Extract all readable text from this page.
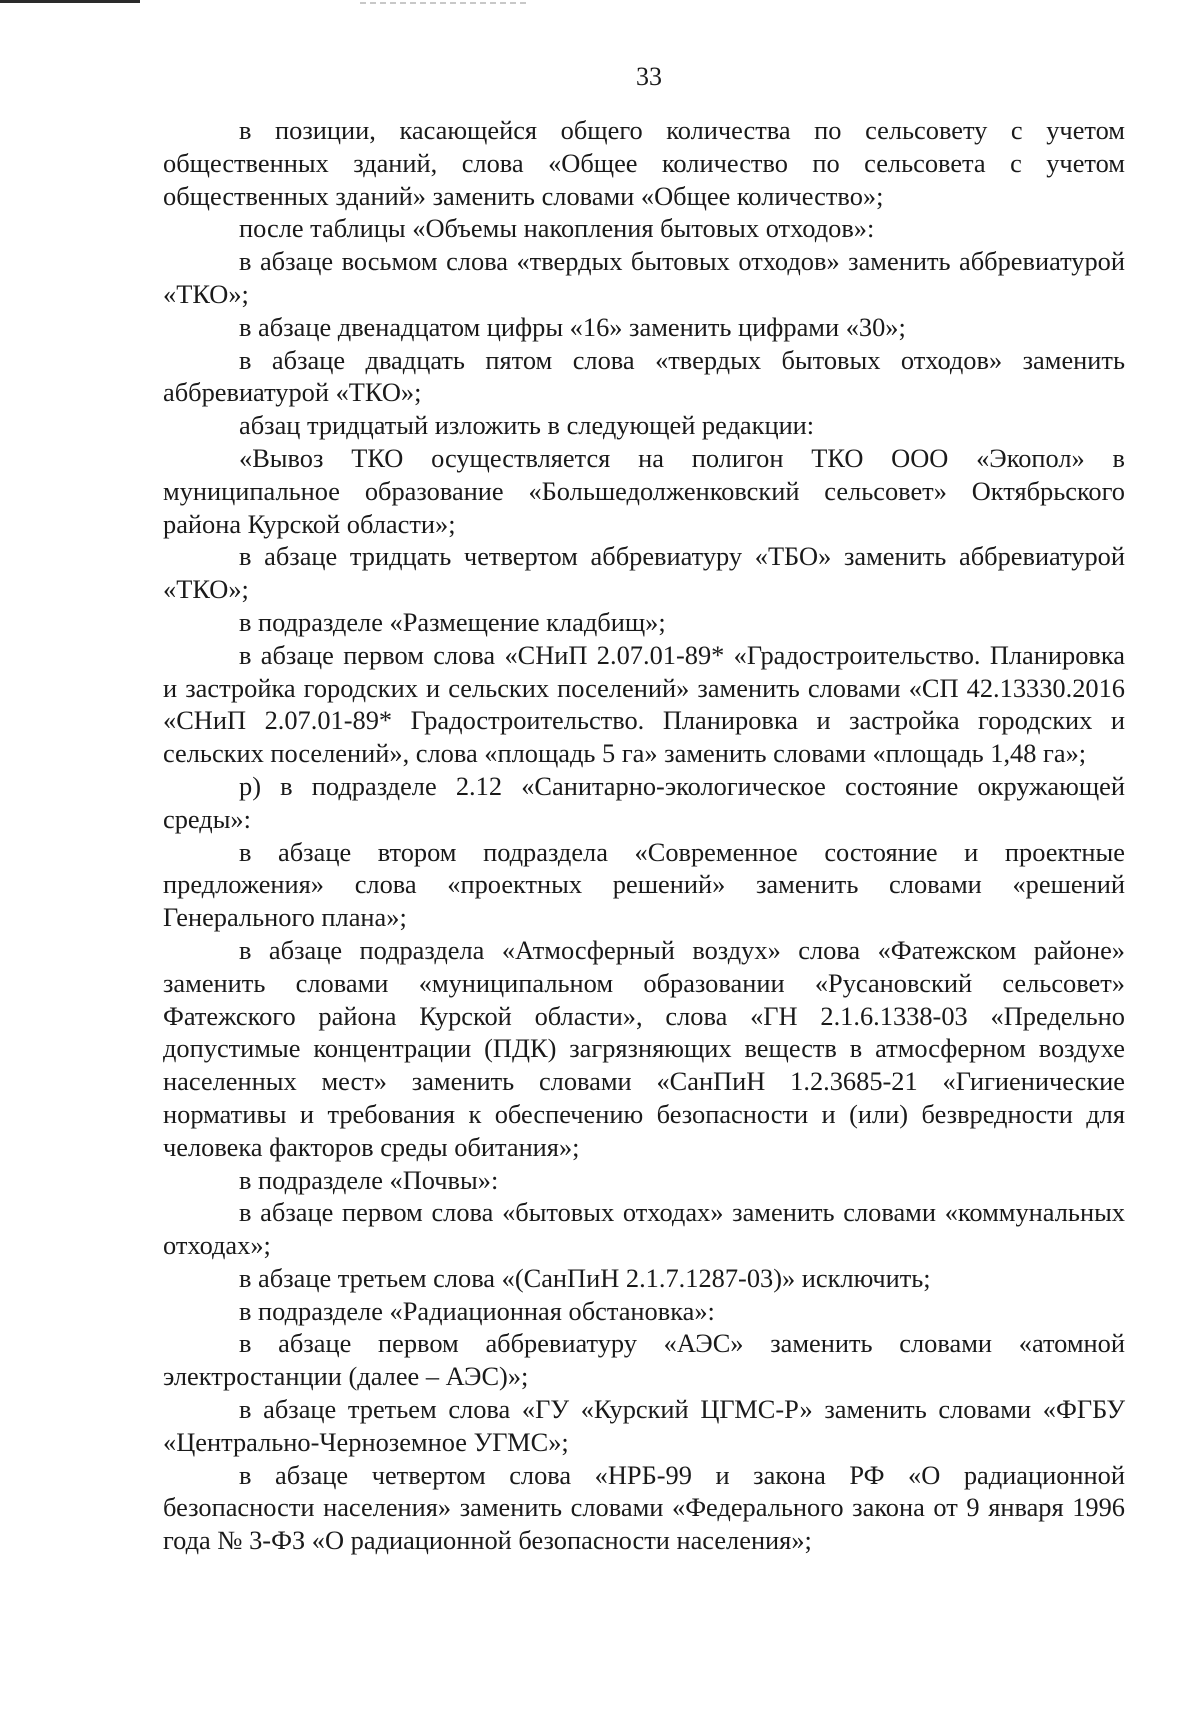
33

в позиции, касающейся общего количества по сельсовету с учетом общественных зданий, слова «Общее количество по сельсовета с учетом общественных зданий» заменить словами «Общее количество»;

после таблицы «Объемы накопления бытовых отходов»:

в абзаце восьмом слова «твердых бытовых отходов» заменить аббревиатурой «ТКО»;

в абзаце двенадцатом цифры «16» заменить цифрами «30»;

в абзаце двадцать пятом слова «твердых бытовых отходов» заменить аббревиатурой «ТКО»;

абзац тридцатый изложить в следующей редакции:

«Вывоз ТКО осуществляется на полигон ТКО ООО «Экопол» в муниципальное образование «Большедолженковский сельсовет» Октябрьского района Курской области»;

в абзаце тридцать четвертом аббревиатуру «ТБО» заменить аббревиатурой «ТКО»;

в подразделе «Размещение кладбищ»;

в абзаце первом слова «СНиП 2.07.01-89* «Градостроительство. Планировка и застройка городских и сельских поселений» заменить словами «СП 42.13330.2016 «СНиП 2.07.01-89* Градостроительство. Планировка и застройка городских и сельских поселений», слова «площадь 5 га» заменить словами «площадь 1,48 га»;

р) в подразделе 2.12 «Санитарно-экологическое состояние окружающей среды»:

в абзаце втором подраздела «Современное состояние и проектные предложения» слова «проектных решений» заменить словами «решений Генерального плана»;

в абзаце подраздела «Атмосферный воздух» слова «Фатежском районе» заменить словами «муниципальном образовании «Русановский сельсовет» Фатежского района Курской области», слова «ГН 2.1.6.1338-03 «Предельно допустимые концентрации (ПДК) загрязняющих веществ в атмосферном воздухе населенных мест» заменить словами «СанПиН 1.2.3685-21 «Гигиенические нормативы и требования к обеспечению безопасности и (или) безвредности для человека факторов среды обитания»;

в подразделе «Почвы»:

в абзаце первом слова «бытовых отходах» заменить словами «коммунальных отходах»;

в абзаце третьем слова «(СанПиН 2.1.7.1287-03)» исключить;

в подразделе «Радиационная обстановка»:

в абзаце первом аббревиатуру «АЭС» заменить словами «атомной электростанции (далее – АЭС)»;

в абзаце третьем слова «ГУ «Курский ЦГМС-Р» заменить словами «ФГБУ «Центрально-Черноземное УГМС»;

в абзаце четвертом слова «НРБ-99 и закона РФ «О радиационной безопасности населения» заменить словами «Федерального закона от 9 января 1996 года № 3-ФЗ «О радиационной безопасности населения»;
